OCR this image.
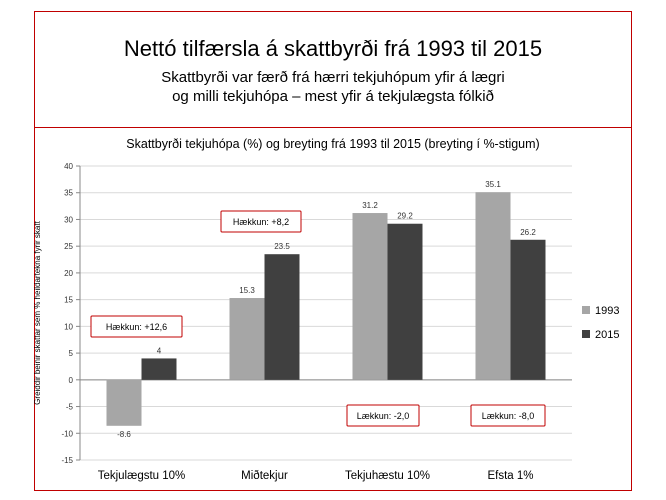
Nettó tilfærsla á skattbyrði frá 1993 til 2015
Skattbyrði var færð frá hærri tekjuhópum yfir á lægri
og milli tekjuhópa – mest yfir á tekjulægsta fólkið
Skattbyrði tekjuhópa (%) og breyting frá 1993 til 2015 (breyting í %-stigum)
-15
-10
-5
0
5
10
15
20
25
30
35
40
Greiddir beinir skattar sem % heildartekna fyrir skatt
-8.6
4
Tekjulægstu 10%
15.3
23.5
Miðtekjur
31.2
29.2
Tekjuhæstu 10%
35.1
26.2
Efsta 1%
1993
2015
Hækkun: +12,6
Hækkun: +8,2
Lækkun: -2,0	Lækkun: -8,0
